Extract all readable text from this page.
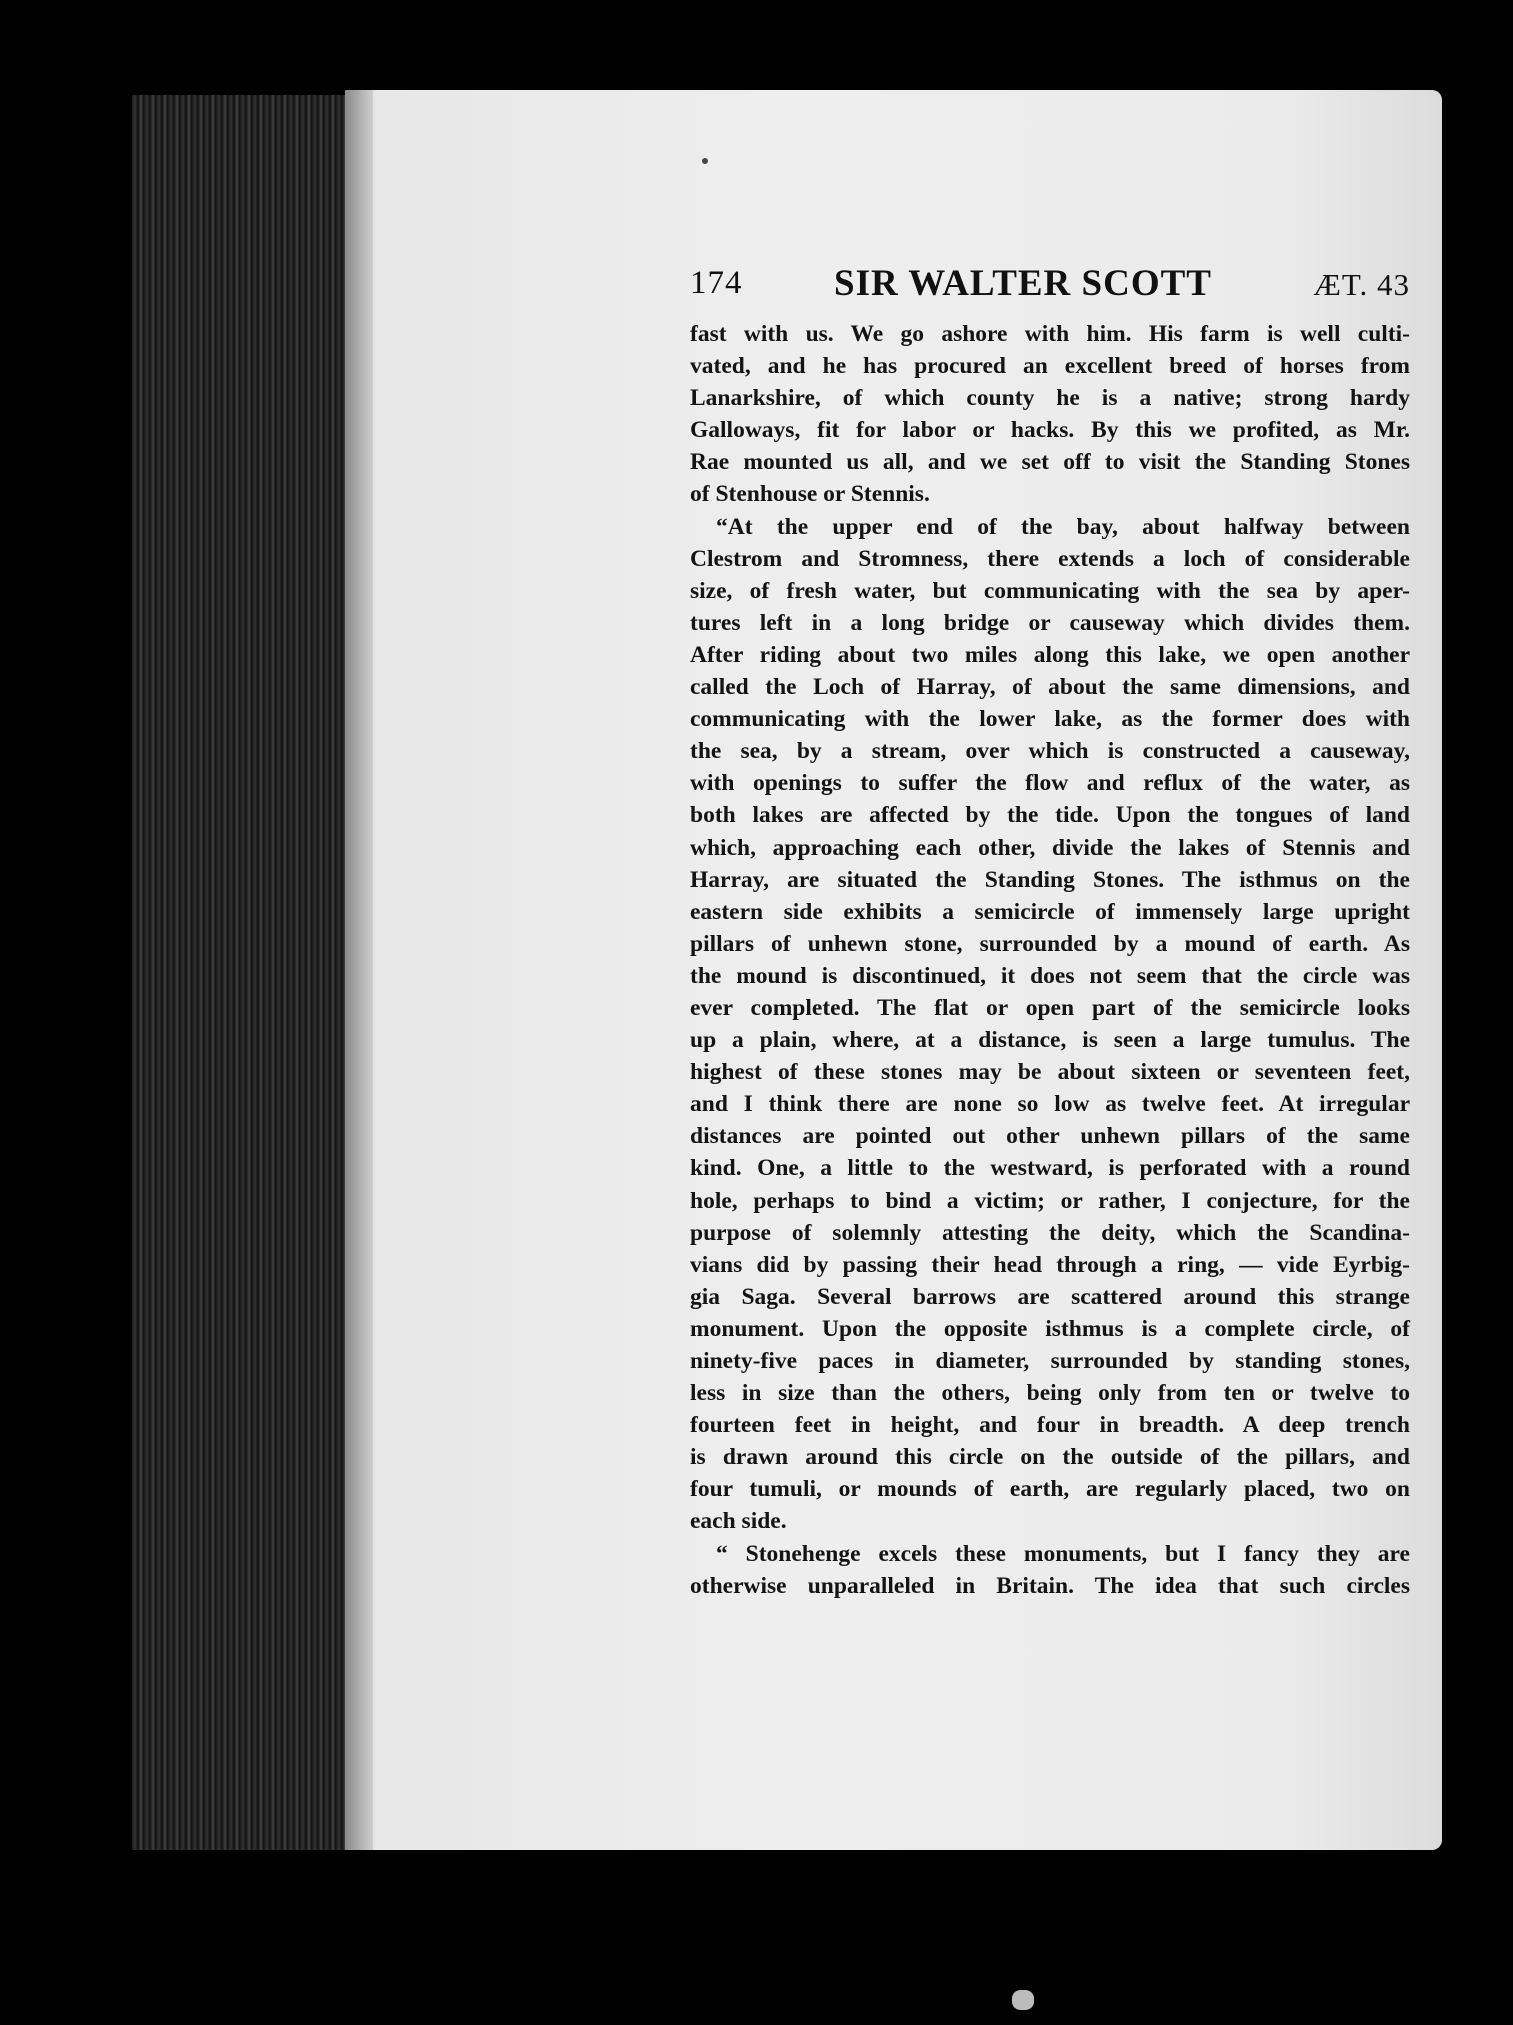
174	SIR WALTER SCOTT	ÆT. 43
fast with us. We go ashore with him. His farm is well culti-
vated, and he has procured an excellent breed of horses from
Lanarkshire, of which county he is a native; strong hardy
Galloways, fit for labor or hacks. By this we profited, as Mr.
Rae mounted us all, and we set off to visit the Standing Stones
of Stenhouse or Stennis.
“At the upper end of the bay, about halfway between
Clestrom and Stromness, there extends a loch of considerable
size, of fresh water, but communicating with the sea by aper-
tures left in a long bridge or causeway which divides them.
After riding about two miles along this lake, we open another
called the Loch of Harray, of about the same dimensions, and
communicating with the lower lake, as the former does with
the sea, by a stream, over which is constructed a causeway,
with openings to suffer the flow and reflux of the water, as
both lakes are affected by the tide. Upon the tongues of land
which, approaching each other, divide the lakes of Stennis and
Harray, are situated the Standing Stones. The isthmus on the
eastern side exhibits a semicircle of immensely large upright
pillars of unhewn stone, surrounded by a mound of earth. As
the mound is discontinued, it does not seem that the circle was
ever completed. The flat or open part of the semicircle looks
up a plain, where, at a distance, is seen a large tumulus. The
highest of these stones may be about sixteen or seventeen feet,
and I think there are none so low as twelve feet. At irregular
distances are pointed out other unhewn pillars of the same
kind. One, a little to the westward, is perforated with a round
hole, perhaps to bind a victim; or rather, I conjecture, for the
purpose of solemnly attesting the deity, which the Scandina-
vians did by passing their head through a ring, — vide Eyrbig-
gia Saga. Several barrows are scattered around this strange
monument. Upon the opposite isthmus is a complete circle, of
ninety-five paces in diameter, surrounded by standing stones,
less in size than the others, being only from ten or twelve to
fourteen feet in height, and four in breadth. A deep trench
is drawn around this circle on the outside of the pillars, and
four tumuli, or mounds of earth, are regularly placed, two on
each side.
“ Stonehenge excels these monuments, but I fancy they are
otherwise unparalleled in Britain. The idea that such circles
